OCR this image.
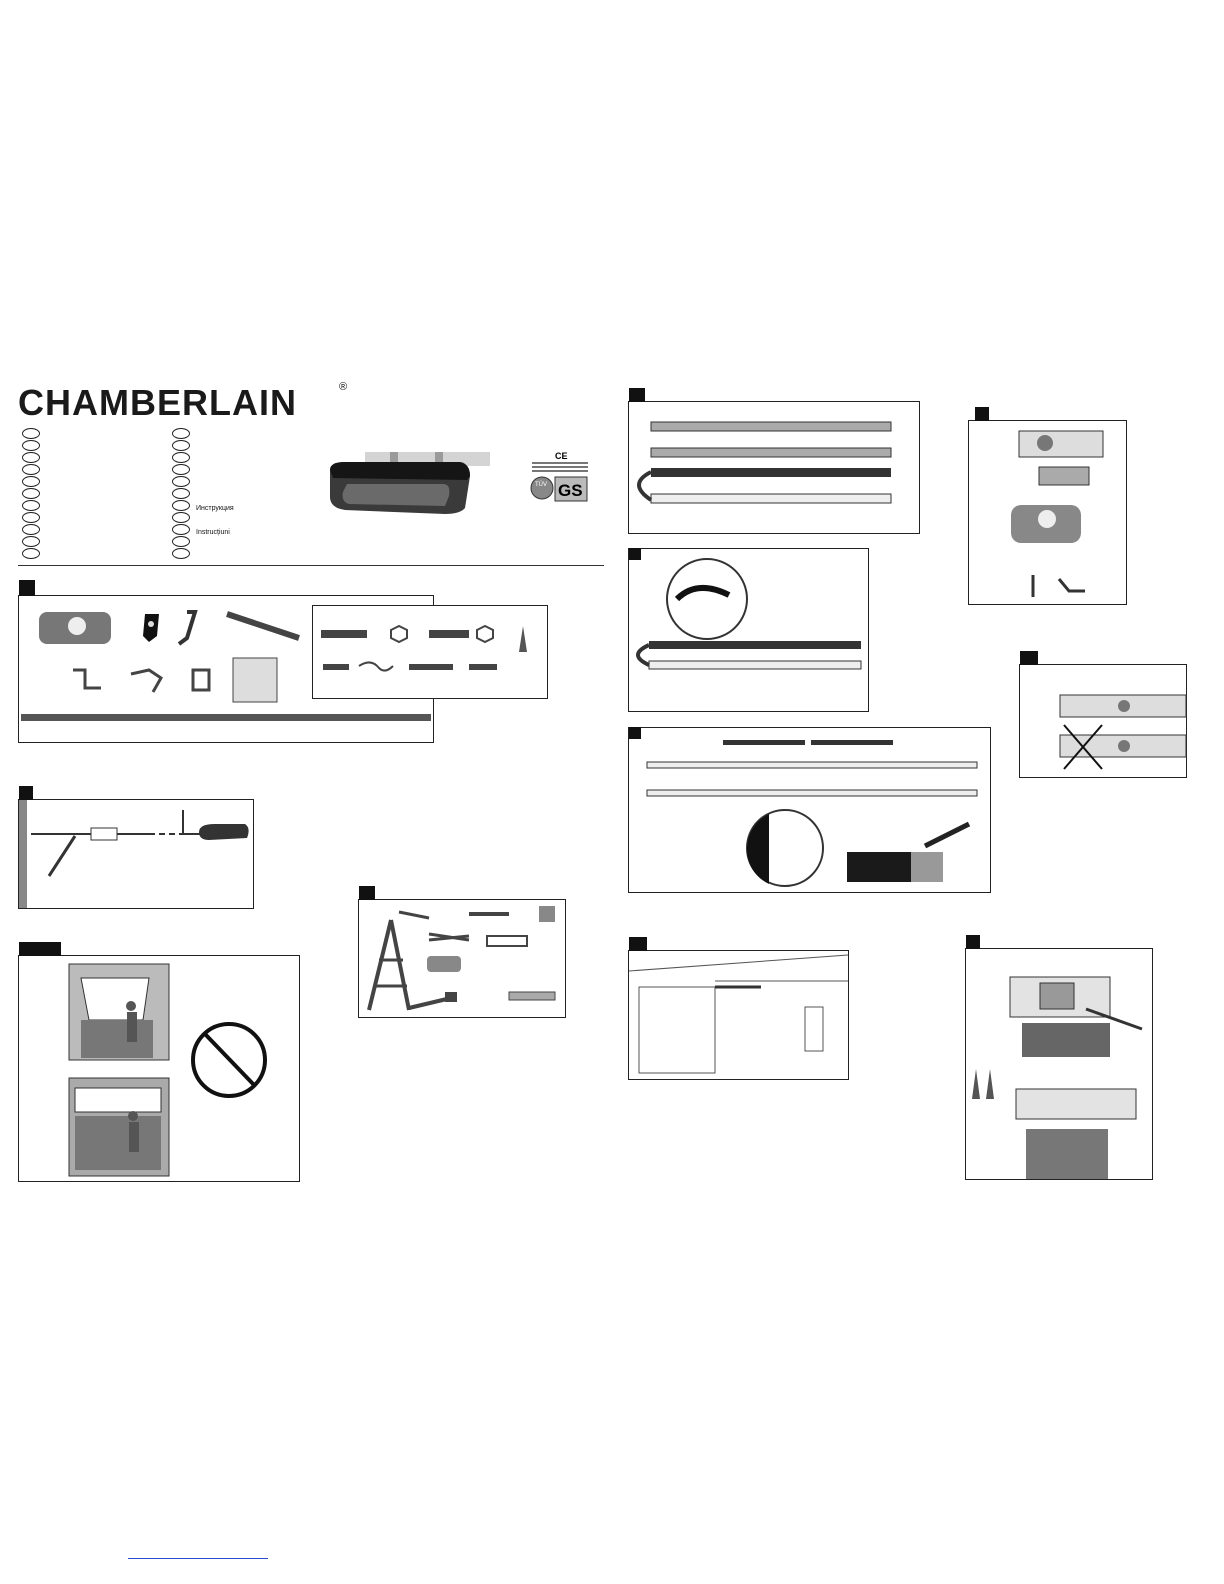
CHAMBERLAIN	®
Инструкция
Instrucțiuni
CE
TÜV GS
